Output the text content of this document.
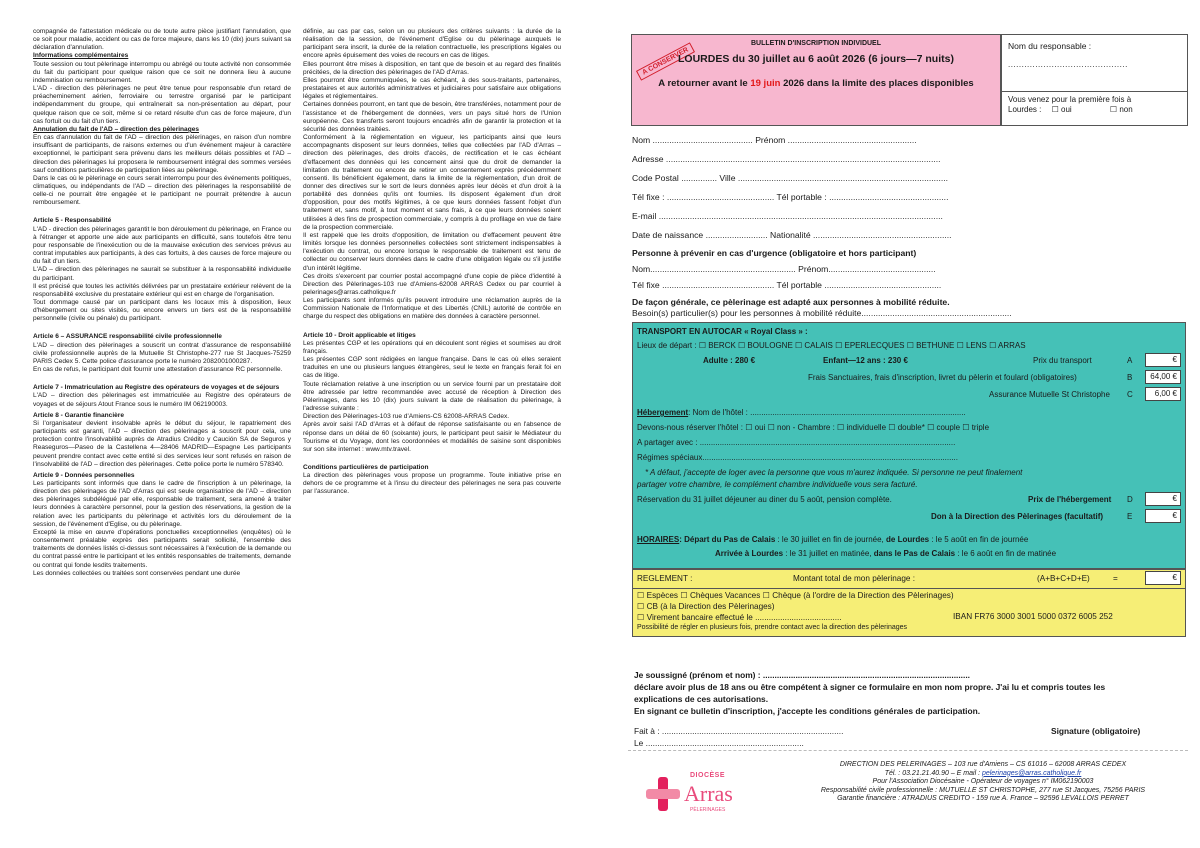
compagnée de l'attestation médicale ou de toute autre pièce justifiant l'annulation, que ce soit pour maladie, accident ou cas de force majeure, dans les 10 (dix) jours suivant sa déclaration d'annulation.
Informations complémentaires
Toute session ou tout pèlerinage interrompu ou abrégé ou toute activité non consommée du fait du participant pour quelque raison que ce soit ne donnera lieu à aucune indemnisation ou remboursement.
L'AD - direction des pèlerinages ne peut être tenue pour responsable d'un retard de préacheminement aérien, ferroviaire ou terrestre organisé par le participant indépendamment du groupe, qui entraînerait sa non-présentation au départ, pour quelque raison que ce soit, même si ce retard résulte d'un cas de force majeure, d'un cas fortuit ou du fait d'un tiers.
Annulation du fait de l'AD – direction des pèlerinages
En cas d'annulation du fait de l'AD – direction des pèlerinages, en raison d'un nombre insuffisant de participants, de raisons externes ou d'un événement majeur à caractère exceptionnel, le participant sera prévenu dans les meilleurs délais possibles et l'AD – direction des pèlerinages lui proposera le remboursement intégral des sommes versées sauf conditions particulières de participation liées au pèlerinage.
Dans le cas où le pèlerinage en cours serait interrompu pour des événements politiques, climatiques, ou indépendants de l'AD – direction des pèlerinages la responsabilité de celle-ci ne pourrait être engagée et le participant ne pourrait prétendre à aucun remboursement.
Article 5 - Responsabilité
L'AD - direction des pèlerinages garantit le bon déroulement du pèlerinage, en France ou à l'étranger et apporte une aide aux participants en difficulté, sans toutefois être tenu pour responsable de l'inexécution ou de la mauvaise exécution des services prévus au contrat imputables aux participants, à des cas fortuits, à des causes de force majeure ou du fait d'un tiers.
L'AD – direction des pèlerinages ne saurait se substituer à la responsabilité individuelle du participant.
Il est précisé que toutes les activités délivrées par un prestataire extérieur relèvent de la responsabilité exclusive du prestataire extérieur qui est en charge de l'organisation.
Tout dommage causé par un participant dans les locaux mis à disposition, lieux d'hébergement ou sites visités, ou encore envers un tiers est de la responsabilité personnelle (civile ou pénale) du participant.
Article 6 – ASSURANCE responsabilité civile professionnelle
L'AD – direction des pèlerinages a souscrit un contrat d'assurance de responsabilité civile professionnelle auprès de la Mutuelle St Christophe-277 rue St Jacques-75259 PARIS Cedex 5. Cette police d'assurance porte le numéro 2082001000287.
En cas de refus, le participant doit fournir une attestation d'assurance RC personnelle.
Article 7 - Immatriculation au Registre des opérateurs de voyages et de séjours
L'AD – direction des pèlerinages est immatriculée au Registre des opérateurs de voyages et de séjours Atout France sous le numéro IM 062190003.
Article 8 - Garantie financière
Si l'organisateur devient insolvable après le début du séjour, le rapatriement des participants est garanti, l'AD – direction des pèlerinages a souscrit pour cela, une protection contre l'insolvabilité auprès de Atradius Crédito y Caución SA de Seguros y Reaseguros—Paseo de la Castellena 4—28406 MADRID—Espagne Les participants peuvent prendre contact avec cette entité si des services leur sont refusés en raison de l'insolvabilité de l'AD – direction des pèlerinages. Cette police porte le numéro 578340.
Article 9 - Données personnelles
Les participants sont informés que dans le cadre de l'inscription à un pèlerinage, la direction des pèlerinages de l'AD d'Arras qui est seule organisatrice de l'AD – direction des pèlerinages subdélégué par elle, responsable de traitement, sera amené à traiter leurs données à caractère personnel, pour la gestion des réservations, la gestion de la relation avec les participants du pèlerinage et activités lors du déroulement de la session, de l'événement d'Eglise, ou du pèlerinage.
Excepté la mise en œuvre d'opérations ponctuelles exceptionnelles (enquêtes) où le consentement préalable exprès des participants serait sollicité, l'ensemble des traitements de données listés ci-dessus sont nécessaires à l'exécution de la demande ou du contrat passé entre le participant et les entités responsables de traitements, demande ou contrat qui fonde lesdits traitements.
Les données collectées ou traitées sont conservées pendant une durée
définie, au cas par cas, selon un ou plusieurs des critères suivants : la durée de la réalisation de la session, de l'événement d'Eglise ou du pèlerinage auxquels le participant sera inscrit, la durée de la relation contractuelle, les prescriptions légales ou encore après épuisement des voies de recours en cas de litiges.
Elles pourront être mises à disposition, en tant que de besoin et au regard des finalités précitées, de la direction des pèlerinages de l'AD d'Arras.
Elles pourront être communiquées, le cas échéant, à des sous-traitants, partenaires, prestataires et aux autorités administratives et judiciaires pour satisfaire aux obligations légales et réglementaires.
Certaines données pourront, en tant que de besoin, être transférées, notamment pour de l'assistance et de l'hébergement de données, vers un pays situé hors de l'Union européenne. Ces transferts seront toujours encadrés afin de garantir la protection et la sécurité des données traitées.
Conformément à la réglementation en vigueur, les participants ainsi que leurs accompagnants disposent sur leurs données, telles que collectées par l'AD d'Arras – direction des pèlerinages, des droits d'accès, de rectification et le cas échéant d'effacement des données qui les concernent ainsi que du droit de demander la limitation du traitement ou encore de retirer un consentement exprès précédemment consenti. Ils bénéficient également, dans la limite de la réglementation, d'un droit de donner des directives sur le sort de leurs données après leur décès et d'un droit à la portabilité des données qu'ils ont fournies. Ils disposent également d'un droit d'opposition, pour des motifs légitimes, à ce que leurs données fassent l'objet d'un traitement et, sans motif, à tout moment et sans frais, à ce que leurs données soient utilisées à des fins de prospection commerciale, y compris à du profilage en vue de faire de la prospection commerciale.
Il est rappelé que les droits d'opposition, de limitation ou d'effacement peuvent être limités lorsque les données personnelles collectées sont strictement indispensables à l'exécution du contrat, ou encore lorsque le responsable de traitement est tenu de collecter ou conserver leurs données dans le cadre d'une obligation légale ou s'il justifie d'un intérêt légitime.
Ces droits s'exercent par courrier postal accompagné d'une copie de pièce d'identité à Direction des Pèlerinages-103 rue d'Amiens-62008 ARRAS Cedex ou par courriel à pelerinages@arras.catholique.fr
Les participants sont informés qu'ils peuvent introduire une réclamation auprès de la Commission Nationale de l'Informatique et des Libertés (CNIL) autorité de contrôle en charge du respect des obligations en matière des données à caractère personnel.
Article 10 - Droit applicable et litiges
Les présentes CGP et les opérations qui en découlent sont régies et soumises au droit français.
Les présentes CGP sont rédigées en langue française. Dans le cas où elles seraient traduites en une ou plusieurs langues étrangères, seul le texte en français ferait foi en cas de litige.
Toute réclamation relative à une inscription ou un service fourni par un prestataire doit être adressée par lettre recommandée avec accusé de réception à Direction des Pèlerinages, dans les 10 (dix) jours suivant la date de réalisation du pèlerinage, à l'adresse suivante :
Direction des Pèlerinages-103 rue d'Amiens-CS 62008-ARRAS Cedex.
Après avoir saisi l'AD d'Arras et à défaut de réponse satisfaisante ou en l'absence de réponse dans un délai de 60 (soixante) jours, le participant peut saisir le Médiateur du Tourisme et du Voyage, dont les coordonnées et modalités de saisine sont disponibles sur son site internet : www.mtv.travel.
Conditions particulières de participation
La direction des pèlerinages vous propose un programme. Toute initiative prise en dehors de ce programme et à l'insu du directeur des pèlerinages ne sera pas couverte par l'assurance.
A CONSERVER
BULLETIN D'INSCRIPTION INDIVIDUEL
LOURDES du 30 juillet au 6 août 2026 (6 jours—7 nuits)
A retourner avant le 19 juin 2026 dans la limite des places disponibles
Nom du responsable :
............................................
Vous venez pour la première fois à
Lourdes : ☐ oui	☐ non
Nom .......................................... Prénom ......................................................
Adresse ...................................................................................................................
Code Postal ............... Ville ........................................................................................
Tél fixe : ............................................. Tél portable : ..................................................
E-mail .......................................................................................................................
Date de naissance .......................... Nationalité ..........................................................
Personne à prévenir en cas d'urgence (obligatoire et hors participant)
Nom............................................................. Prénom.............................................
Tél fixe ............................................... Tél portable .................................................
TRANSPORT EN AUTOCAR « Royal Class » :
Lieux de départ : ☐ BERCK ☐ BOULOGNE ☐ CALAIS ☐ EPERLECQUES ☐ BETHUNE ☐ LENS ☐ ARRAS
Adulte : 280 €	Enfant—12 ans : 230 €	Prix du transport	A	€
Frais Sanctuaires, frais d'inscription, livret du pèlerin et foulard (obligatoires)	B	64,00 €
Assurance Mutuelle St Christophe C	6,00 €
Hébergement: Nom de l'hôtel : .................................................................................................
Devons-nous réserver l'hôtel : ☐ oui ☐ non - Chambre : ☐ individuelle ☐ double* ☐ couple ☐ triple
A partager avec : ...................................................................................................................
Régimes spéciaux...................................................................................................................
* A défaut, j'accepte de loger avec la personne que vous m'aurez indiquée. Si personne ne peut finalement
partager votre chambre, le complément chambre individuelle vous sera facturé.
Réservation du 31 juillet déjeuner au diner du 5 août, pension complète.	Prix de l'hébergement D	€
Don à la Direction des Pèlerinages (facultatif)	E	€
HORAIRES: Départ du Pas de Calais : le 30 juillet en fin de journée, de Lourdes : le 5 août en fin de journée
Arrivée à Lourdes : le 31 juillet en matinée, dans le Pas de Calais : le 6 août en fin de matinée
REGLEMENT :	Montant total de mon pèlerinage :	(A+B+C+D+E)	=	€
☐ Espèces ☐ Chèques Vacances ☐ Chèque (à l'ordre de la Direction des Pèlerinages)
☐ CB (à la Direction des Pèlerinages)
☐ Virement bancaire effectué le ......................................	IBAN FR76 3000 3001 5000 0372 6005 252
Possibilité de régler en plusieurs fois, prendre contact avec la direction des pèlerinages
Je soussigné (prénom et nom) : .........................................................................................
déclare avoir plus de 18 ans ou être compétent à signer ce formulaire en mon nom propre. J'ai lu et compris toutes les
explications de ces autorisations.
En signant ce bulletin d'inscription, j'accepte les conditions générales de participation.
Fait à : ..............................................................................
Le ....................................................................
Signature (obligatoire)
DIOCÈSE
Arras
PÈLERINAGES
DIRECTION DES PELERINAGES – 103 rue d'Amiens – CS 61016 – 62008 ARRAS CEDEX
Tél. : 03.21.21.40.90 – E mail : pelerinages@arras.catholique.fr
Pour l'Association Diocésaine - Opérateur de voyages n° IM062190003
Responsabilité civile professionnelle : MUTUELLE ST CHRISTOPHE, 277 rue St Jacques, 75256 PARIS
Garantie financière : ATRADIUS CREDITO - 159 rue A. France – 92596 LEVALLOIS PERRET
De façon générale, ce pèlerinage est adapté aux personnes à mobilité réduite.
Besoin(s) particulier(s) pour les personnes à mobilité réduite...............................................................
